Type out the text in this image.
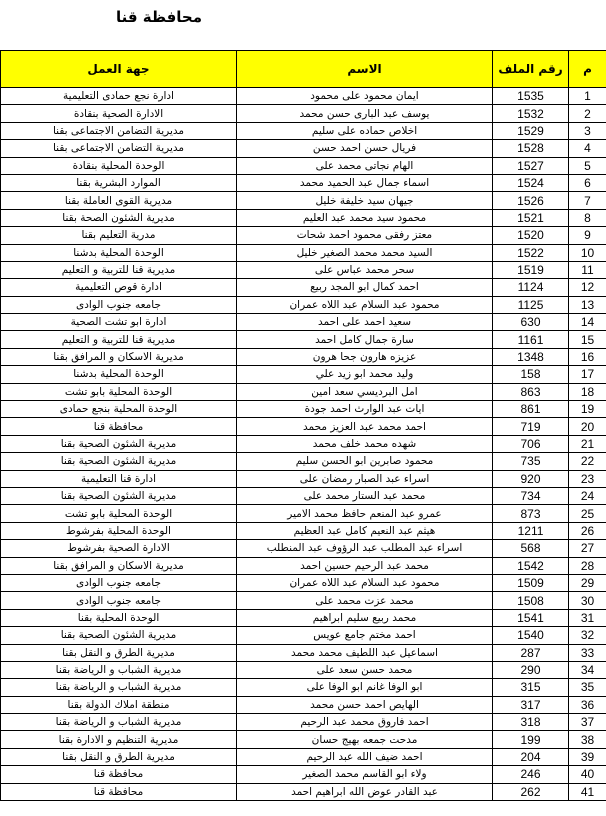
محافظة قنا
م	رقم الملف	الاسم	جهة العمل
1	1535	ايمان محمود على محمود	ادارة نجع حمادى التعليمية
2	1532	يوسف عبد البارى حسن محمد	الادارة الصحية بنقادة
3	1529	اخلاص حماده على سليم	مديرية التضامن الاجتماعى بقنا
4	1528	فريال حسن احمد حسن	مديرية التضامن الاجتماعى بقنا
5	1527	الهام نجاتى محمد على	الوحدة المحلية بنقادة
6	1524	اسماء جمال عبد الحميد محمد	الموارد البشرية بقنا
7	1526	جيهان سيد خليفة خليل	مديرية القوى العاملة بقنا
8	1521	محمود سيد محمد عبد العليم	مديرية الشئون الصحة بقنا
9	1520	معتز رفقى محمود احمد شحات	مدرية التعليم بقنا
10	1522	السيد محمد محمد الصغير خليل	الوحدة المحلية بدشنا
11	1519	سحر محمد عباس على	مديرية قنا للتربية و التعليم
12	1124	احمد كمال ابو المجد ربيع	ادارة قوص التعليمية
13	1125	محمود عبد السلام عبد اللاه عمران	جامعه جنوب الوادى
14	630	سعيد احمد على احمد	ادارة ابو تشت الصحية
15	1161	سارة جمال كامل احمد	مديرية قنا للتربية و التعليم
16	1348	عزيزه هارون جحا هرون	مديرية الاسكان و المرافق بقنا
17	158	وليد محمد ابو زيد علي	الوحدة المحلية بدشنا
18	863	امل البرديسي سعد امين	الوحدة المحلية بابو تشت
19	861	ايات عبد الوارث احمد جودة	الوحدة المحلية بنجع حمادى
20	719	احمد محمد عبد العزيز محمد	محافظة قنا
21	706	شهده محمد خلف محمد	مديرية الشئون الصحية بقنا
22	735	محمود صابرين ابو الحسن سليم	مديرية الشئون الصحية بقنا
23	920	اسراء عبد الصبار رمضان على	ادارة قنا التعليمية
24	734	محمد عبد الستار محمد على	مديرية الشئون الصحية بقنا
25	873	عمرو عبد المنعم حافظ محمد الامير	الوحدة المحلية بابو تشت
26	1211	هيثم عبد النعيم كامل عبد العظيم	الوحدة المحلية بفرشوط
27	568	اسراء عبد المطلب عبد الرؤوف عبد المنطلب	الادارة الصحية بفرشوط
28	1542	محمد عبد الرحيم حسين احمد	مديرية الاسكان و المرافق بقنا
29	1509	محمود عبد السلام عبد اللاه عمران	جامعه جنوب الوادى
30	1508	محمد عزت محمد على	جامعه جنوب الوادى
31	1541	محمد ربيع سليم ابراهيم	الوحدة المحلية بقنا
32	1540	احمد مختم جامع عويس	مديرية الشئون الصحية بقنا
33	287	اسماعيل عبد اللطيف محمد محمد	مديرية الطرق و النقل بقنا
34	290	محمد حسن سعد على	مديرية الشباب و الرياضة بقنا
35	315	ابو الوفا غانم ابو الوفا على	مديرية الشباب و الرياضة بقنا
36	317	الهايص احمد حسن محمد	منطقة املاك الدولة بقنا
37	318	احمد فاروق محمد عبد الرحيم	مديرية الشباب و الرياضة بقنا
38	199	مدحت جمعه بهيج حسان	مديرية التنظيم و الادارة بقنا
39	204	احمد ضيف الله عبد الرحيم	مديرية الطرق و النقل بقنا
40	246	ولاء ابو القاسم محمد الصغير	محافظة قنا
41	262	عبد القادر عوض الله ابراهيم احمد	محافظة قنا
